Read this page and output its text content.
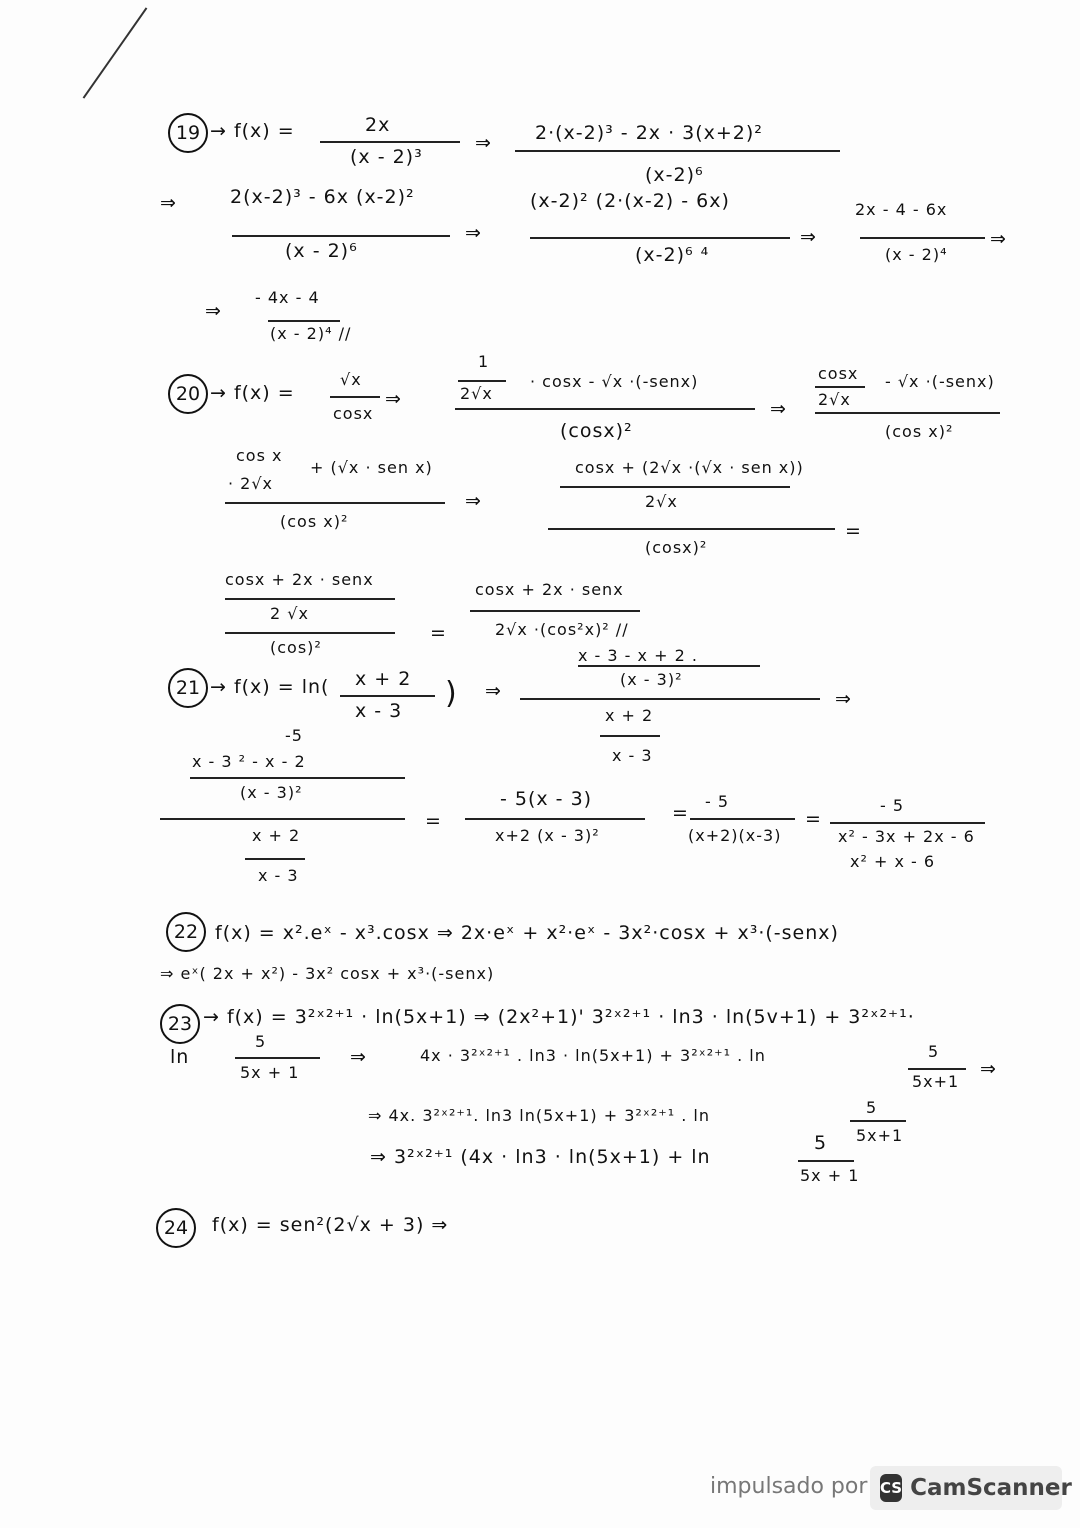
19 → f(x) =	2x
(x - 2)³
⇒ 2·(x-2)³ - 2x · 3(x+2)²
(x-2)⁶
⇒	2(x-2)³ - 6x (x-2)²
(x - 2)⁶
⇒
(x-2)² (2·(x-2) - 6x)
(x-2)⁶ ⁴
⇒
2x - 4 - 6x
(x - 2)⁴
⇒
⇒
- 4x - 4
(x - 2)⁴ //
20 → f(x) =
√x
cosx
⇒
1
2√x
· cosx - √x ·(-senx)
(cosx)²
⇒
cosx
2√x
- √x ·(-senx)
(cos x)²
cos x
· 2√x
+ (√x · sen x)
(cos x)²
⇒
cosx + (2√x ·(√x · sen x))
2√x
(cosx)²
=
cosx + 2x · senx
2 √x
(cos)²
=
cosx + 2x · senx
2√x ·(cos²x)² //
21 → f(x) = ln( x + 2
x - 3 ) ⇒
x - 3 - x + 2 .
(x - 3)²
x + 2
x - 3
⇒
-5
x - 3 ² - x - 2
(x - 3)²
x + 2
x - 3
=
- 5(x - 3)
x+2 (x - 3)²
=
- 5
(x+2)(x-3)
=
- 5
x² - 3x + 2x - 6
x² + x - 6
22 f(x) = x².eˣ - x³.cosx ⇒ 2x·eˣ + x²·eˣ - 3x²·cosx + x³·(-senx)
⇒ eˣ( 2x + x²) - 3x² cosx + x³·(-senx)
23 → f(x) = 3²ˣ²⁺¹ · ln(5x+1) ⇒ (2x²+1)' 3²ˣ²⁺¹ · ln3 · ln(5v+1) + 3²ˣ²⁺¹·
ln
5
5x + 1
⇒	4x · 3²ˣ²⁺¹ . ln3 · ln(5x+1) + 3²ˣ²⁺¹ . ln	5
5x+1
⇒
⇒ 4x. 3²ˣ²⁺¹. ln3 ln(5x+1) + 3²ˣ²⁺¹ . ln	5
5x+1
⇒ 3²ˣ²⁺¹ (4x · ln3 · ln(5x+1) + ln
5
5x + 1
24	f(x) = sen²(2√x + 3) ⇒
impulsado por CS CamScanner
